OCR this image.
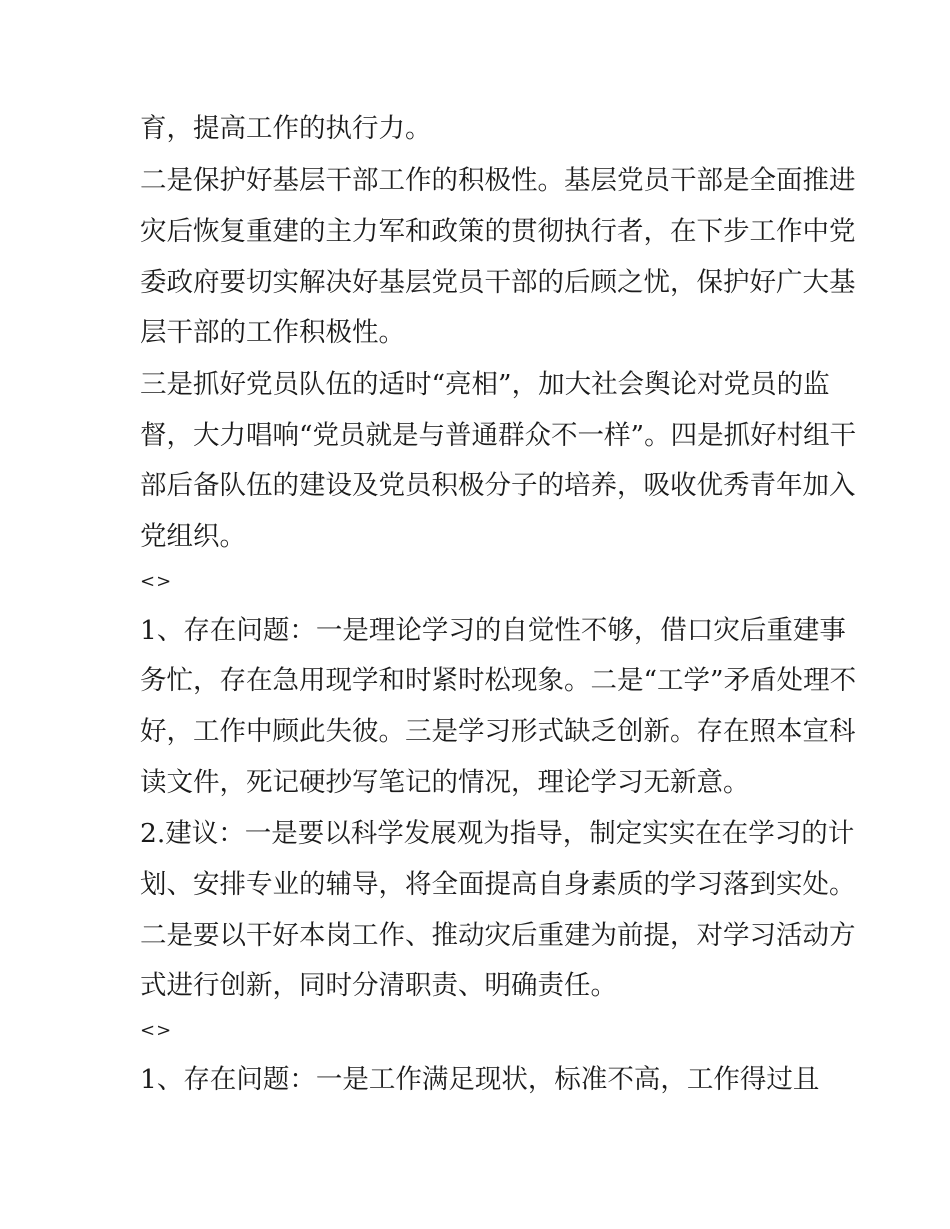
育，提高工作的执行力。
二是保护好基层干部工作的积极性。基层党员干部是全面推进
灾后恢复重建的主力军和政策的贯彻执行者，在下步工作中党
委政府要切实解决好基层党员干部的后顾之忧，保护好广大基
层干部的工作积极性。
三是抓好党员队伍的适时“亮相”，加大社会舆论对党员的监
督，大力唱响“党员就是与普通群众不一样”。四是抓好村组干
部后备队伍的建设及党员积极分子的培养，吸收优秀青年加入
党组织。
<>
1、存在问题：一是理论学习的自觉性不够，借口灾后重建事
务忙，存在急用现学和时紧时松现象。二是“工学”矛盾处理不
好，工作中顾此失彼。三是学习形式缺乏创新。存在照本宣科
读文件，死记硬抄写笔记的情况，理论学习无新意。
2.建议：一是要以科学发展观为指导，制定实实在在学习的计
划、安排专业的辅导，将全面提高自身素质的学习落到实处。
二是要以干好本岗工作、推动灾后重建为前提，对学习活动方
式进行创新，同时分清职责、明确责任。
<>
1、存在问题：一是工作满足现状，标准不高，工作得过且
